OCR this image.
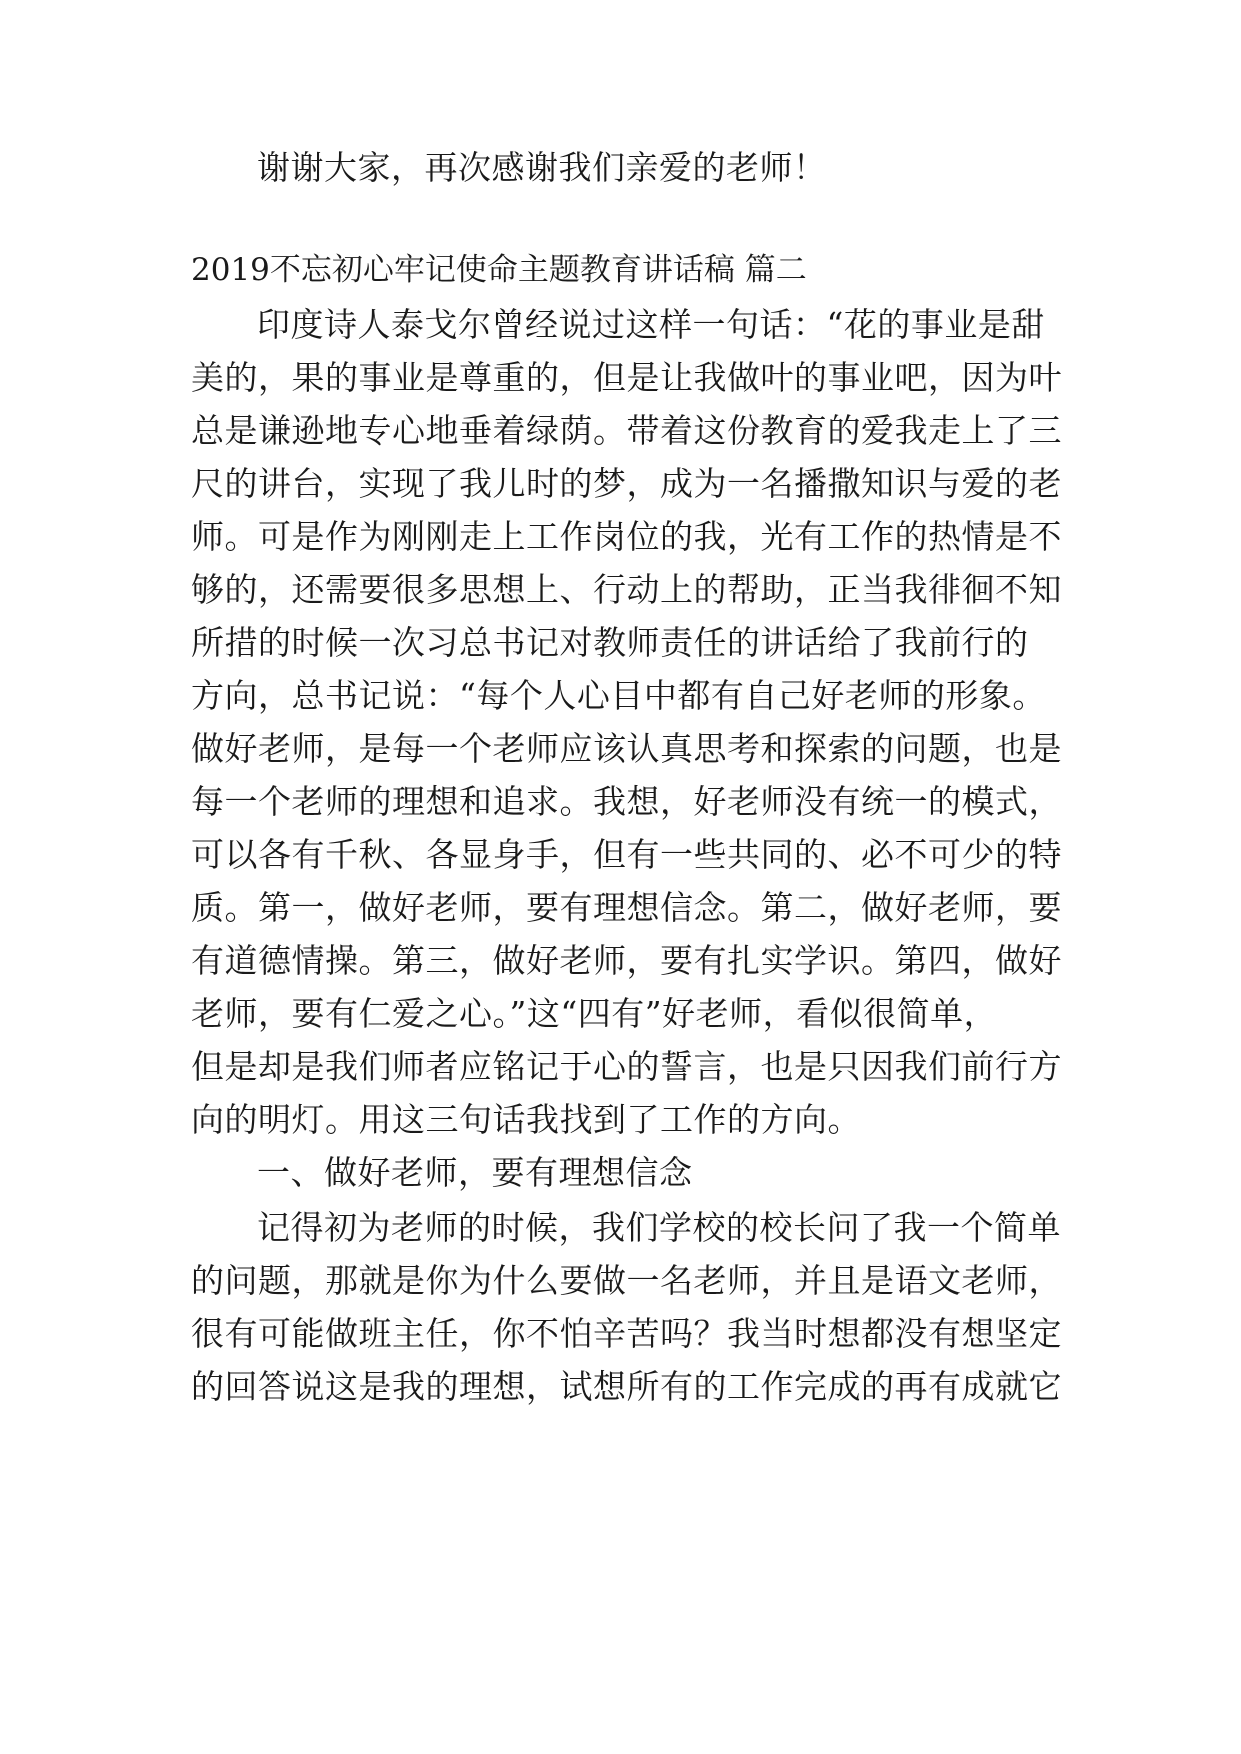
谢谢大家，再次感谢我们亲爱的老师！
2019不忘初心牢记使命主题教育讲话稿 篇二
印度诗人泰戈尔曾经说过这样一句话：“花的事业是甜
美的，果的事业是尊重的，但是让我做叶的事业吧，因为叶
总是谦逊地专心地垂着绿荫。带着这份教育的爱我走上了三
尺的讲台，实现了我儿时的梦，成为一名播撒知识与爱的老
师。可是作为刚刚走上工作岗位的我，光有工作的热情是不
够的，还需要很多思想上、行动上的帮助，正当我徘徊不知
所措的时候一次习总书记对教师责任的讲话给了我前行的
方向，总书记说：“每个人心目中都有自己好老师的形象。
做好老师，是每一个老师应该认真思考和探索的问题，也是
每一个老师的理想和追求。我想，好老师没有统一的模式，
可以各有千秋、各显身手，但有一些共同的、必不可少的特
质。第一，做好老师，要有理想信念。第二，做好老师，要
有道德情操。第三，做好老师，要有扎实学识。第四，做好
老师，要有仁爱之心。”这“四有”好老师，看似很简单，
但是却是我们师者应铭记于心的誓言，也是只因我们前行方
向的明灯。用这三句话我找到了工作的方向。
一、做好老师，要有理想信念
记得初为老师的时候，我们学校的校长问了我一个简单
的问题，那就是你为什么要做一名老师，并且是语文老师，
很有可能做班主任，你不怕辛苦吗？我当时想都没有想坚定
的回答说这是我的理想，试想所有的工作完成的再有成就它
